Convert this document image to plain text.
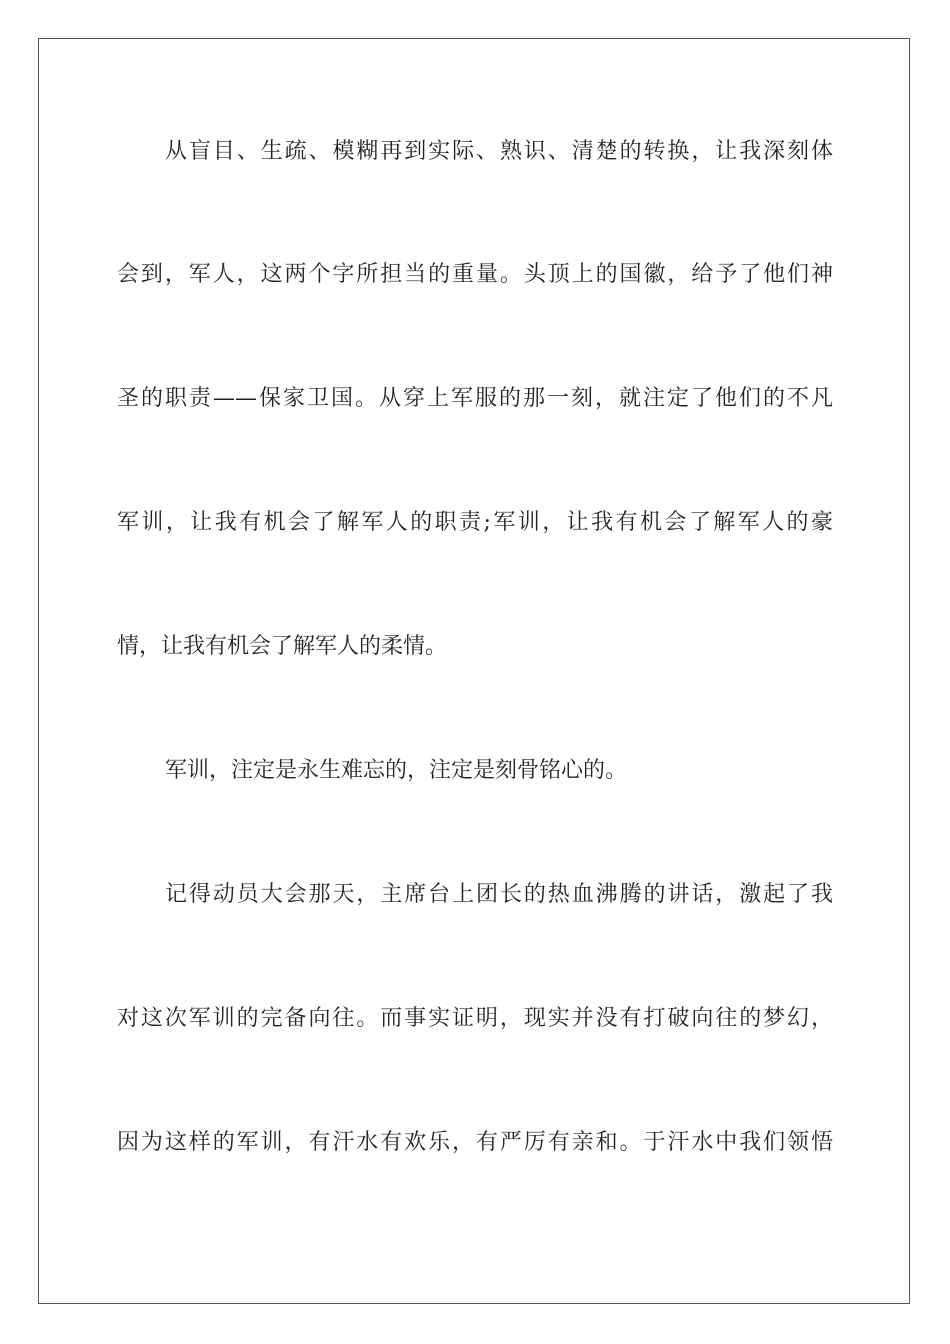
从盲目、生疏、模糊再到实际、熟识、清楚的转换，让我深刻体
会到，军人，这两个字所担当的重量。头顶上的国徽，给予了他们神
圣的职责——保家卫国。从穿上军服的那一刻，就注定了他们的不凡
军训，让我有机会了解军人的职责;军训，让我有机会了解军人的豪
情，让我有机会了解军人的柔情。
军训，注定是永生难忘的，注定是刻骨铭心的。
记得动员大会那天，主席台上团长的热血沸腾的讲话，激起了我
对这次军训的完备向往。而事实证明，现实并没有打破向往的梦幻，
因为这样的军训，有汗水有欢乐，有严厉有亲和。于汗水中我们领悟
